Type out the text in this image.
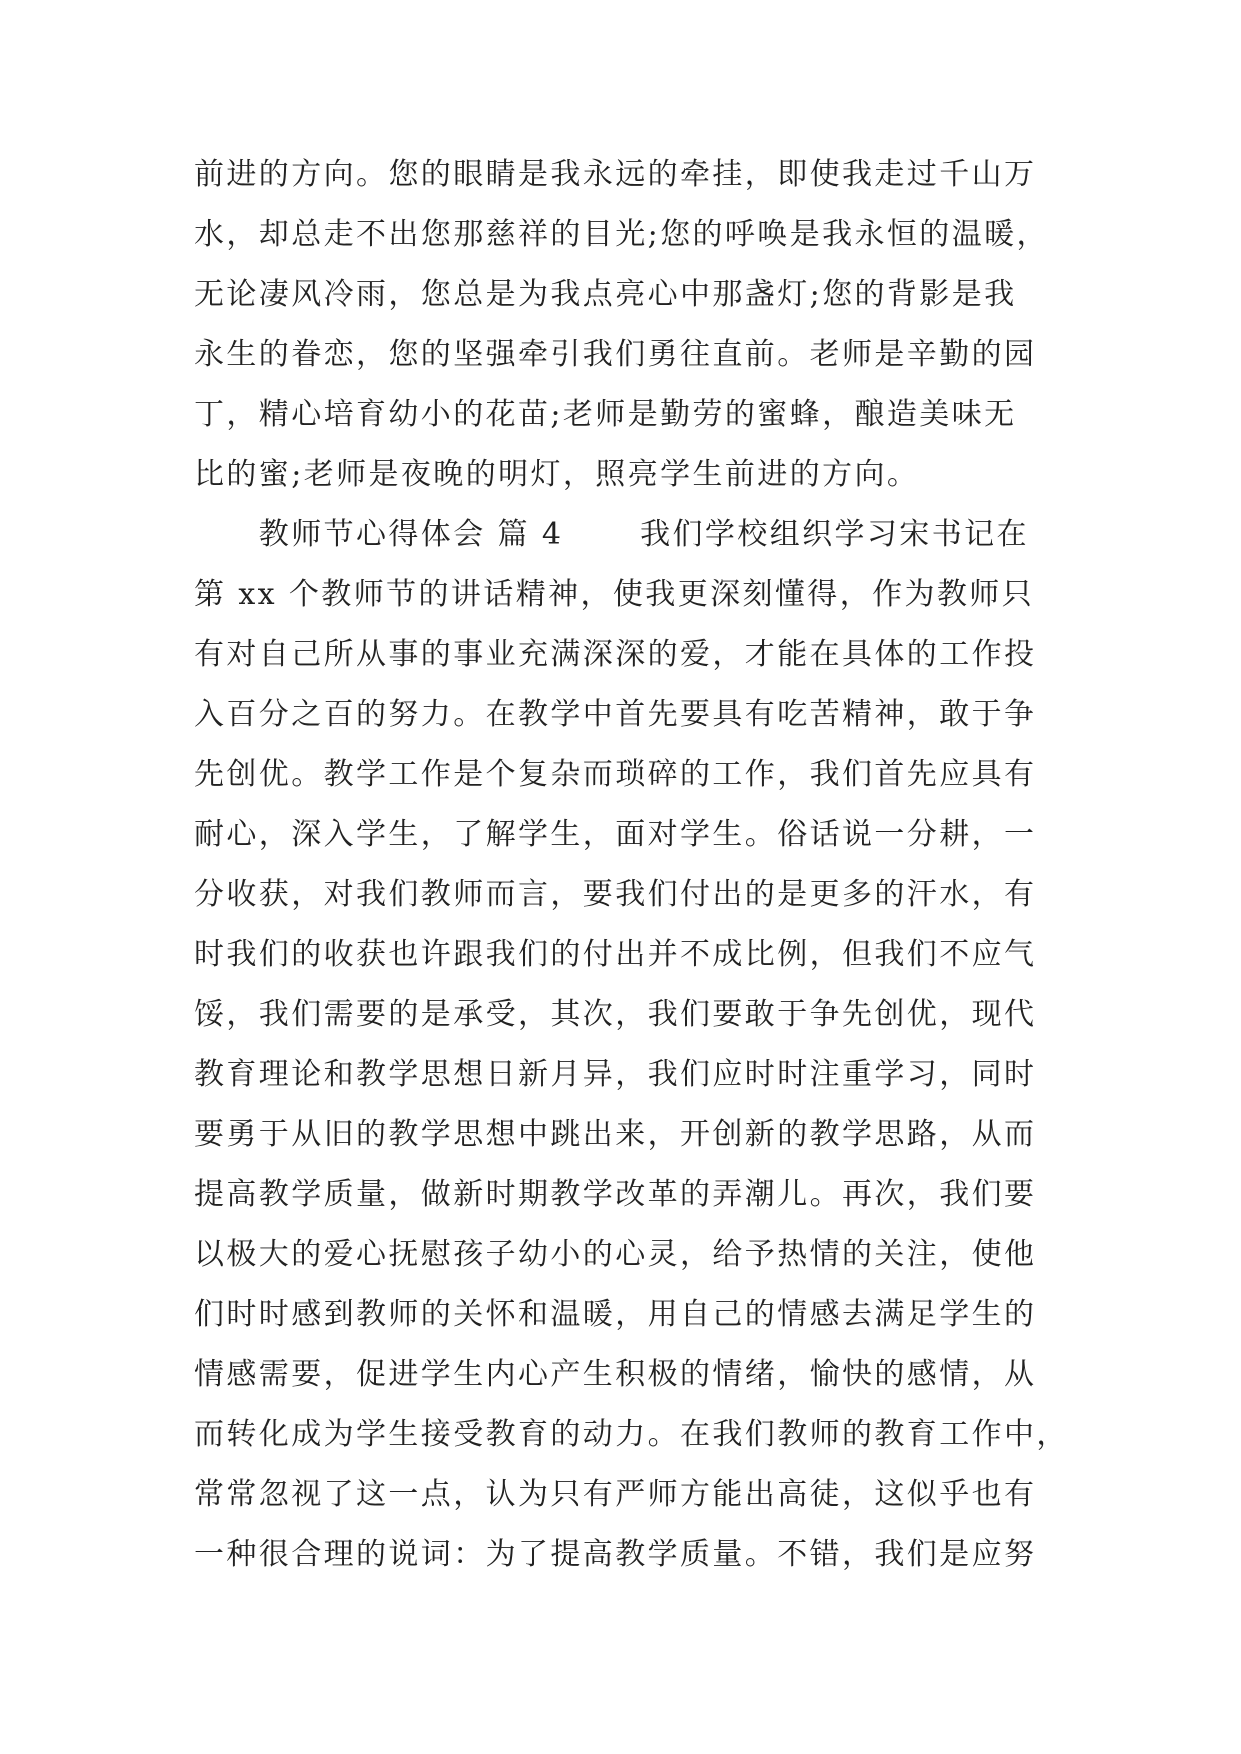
前进的方向。您的眼睛是我永远的牵挂，即使我走过千山万
水，却总走不出您那慈祥的目光;您的呼唤是我永恒的温暖，
无论凄风冷雨，您总是为我点亮心中那盏灯;您的背影是我
永生的眷恋，您的坚强牵引我们勇往直前。老师是辛勤的园
丁，精心培育幼小的花苗;老师是勤劳的蜜蜂，酿造美味无
比的蜜;老师是夜晚的明灯，照亮学生前进的方向。
　　教师节心得体会 篇 4　　 我们学校组织学习宋书记在
第 xx 个教师节的讲话精神，使我更深刻懂得，作为教师只
有对自己所从事的事业充满深深的爱，才能在具体的工作投
入百分之百的努力。在教学中首先要具有吃苦精神，敢于争
先创优。教学工作是个复杂而琐碎的工作，我们首先应具有
耐心，深入学生，了解学生，面对学生。俗话说一分耕，一
分收获，对我们教师而言，要我们付出的是更多的汗水，有
时我们的收获也许跟我们的付出并不成比例，但我们不应气
馁，我们需要的是承受，其次，我们要敢于争先创优，现代
教育理论和教学思想日新月异，我们应时时注重学习，同时
要勇于从旧的教学思想中跳出来，开创新的教学思路，从而
提高教学质量，做新时期教学改革的弄潮儿。再次，我们要
以极大的爱心抚慰孩子幼小的心灵，给予热情的关注，使他
们时时感到教师的关怀和温暖，用自己的情感去满足学生的
情感需要，促进学生内心产生积极的情绪，愉快的感情，从
而转化成为学生接受教育的动力。在我们教师的教育工作中，
常常忽视了这一点，认为只有严师方能出高徒，这似乎也有
一种很合理的说词：为了提高教学质量。不错，我们是应努
